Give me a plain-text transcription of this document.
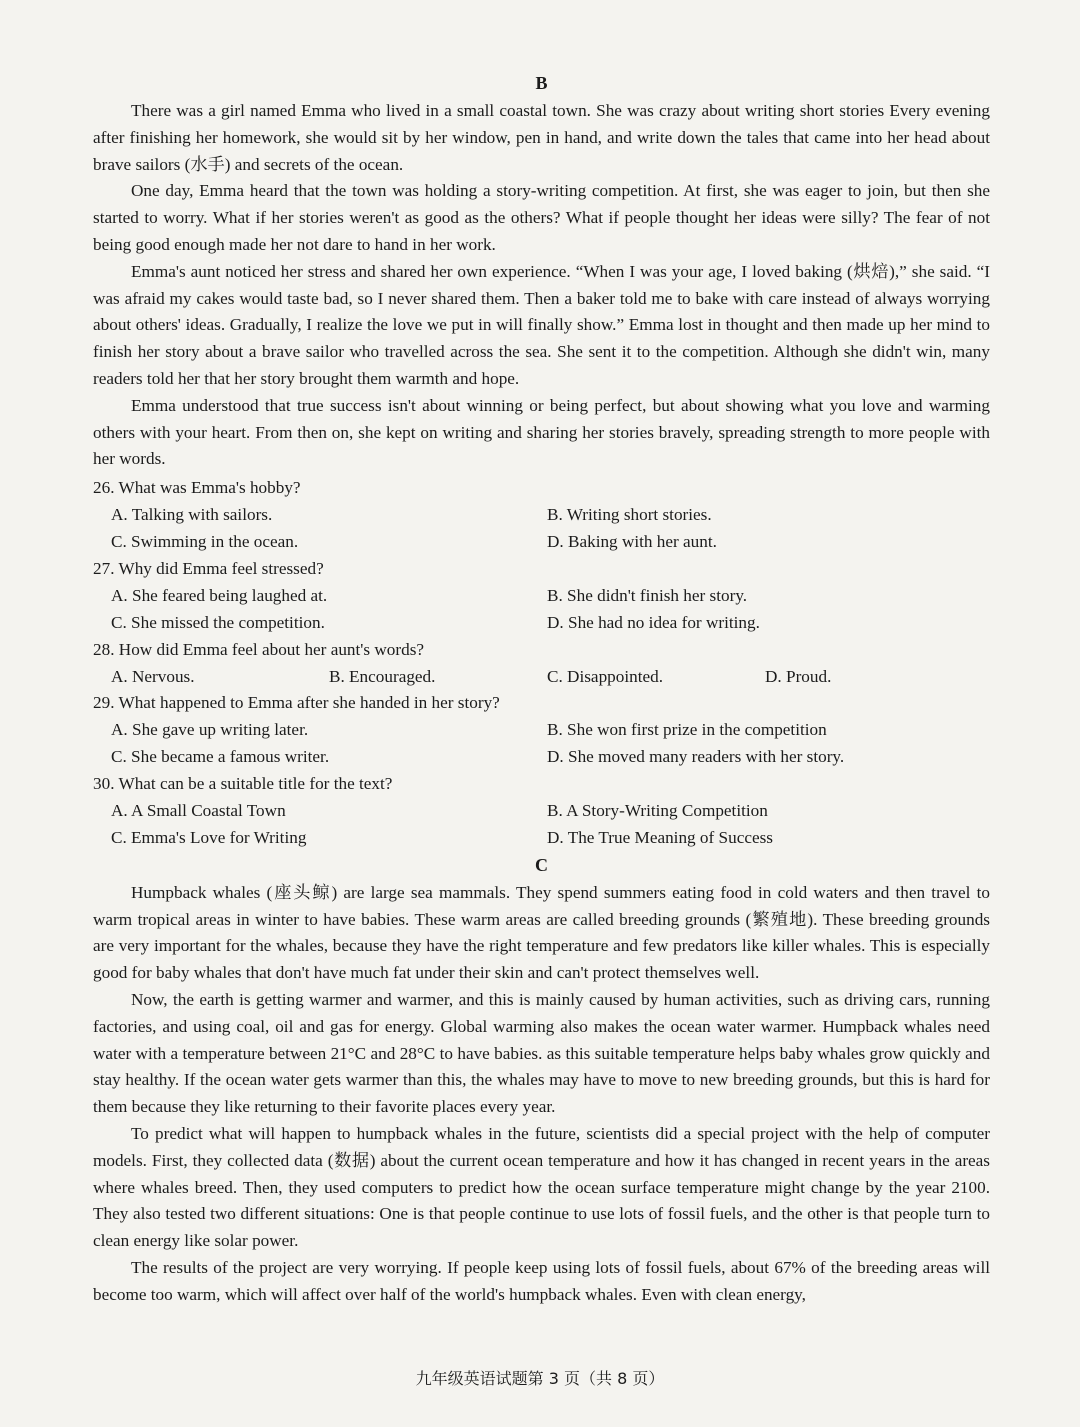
B

There was a girl named Emma who lived in a small coastal town. She was crazy about writing short stories Every evening after finishing her homework, she would sit by her window, pen in hand, and write down the tales that came into her head about brave sailors (水手) and secrets of the ocean.

One day, Emma heard that the town was holding a story-writing competition. At first, she was eager to join, but then she started to worry. What if her stories weren't as good as the others? What if people thought her ideas were silly? The fear of not being good enough made her not dare to hand in her work.

Emma's aunt noticed her stress and shared her own experience. “When I was your age, I loved baking (烘焙),” she said. “I was afraid my cakes would taste bad, so I never shared them. Then a baker told me to bake with care instead of always worrying about others' ideas. Gradually, I realize the love we put in will finally show.” Emma lost in thought and then made up her mind to finish her story about a brave sailor who travelled across the sea. She sent it to the competition. Although she didn't win, many readers told her that her story brought them warmth and hope.

Emma understood that true success isn't about winning or being perfect, but about showing what you love and warming others with your heart. From then on, she kept on writing and sharing her stories bravely, spreading strength to more people with her words.

26. What was Emma's hobby?

A. Talking with sailors.	B. Writing short stories.
C. Swimming in the ocean.	D. Baking with her aunt.

27. Why did Emma feel stressed?

A. She feared being laughed at.	B. She didn't finish her story.
C. She missed the competition.	D. She had no idea for writing.

28. How did Emma feel about her aunt's words?

A. Nervous.	B. Encouraged.	C. Disappointed.	D. Proud.

29. What happened to Emma after she handed in her story?

A. She gave up writing later.	B. She won first prize in the competition
C. She became a famous writer.	D. She moved many readers with her story.

30. What can be a suitable title for the text?

A. A Small Coastal Town	B. A Story-Writing Competition
C. Emma's Love for Writing	D. The True Meaning of Success
C

Humpback whales (座头鲸) are large sea mammals. They spend summers eating food in cold waters and then travel to warm tropical areas in winter to have babies. These warm areas are called breeding grounds (繁殖地). These breeding grounds are very important for the whales, because they have the right temperature and few predators like killer whales. This is especially good for baby whales that don't have much fat under their skin and can't protect themselves well.

Now, the earth is getting warmer and warmer, and this is mainly caused by human activities, such as driving cars, running factories, and using coal, oil and gas for energy. Global warming also makes the ocean water warmer. Humpback whales need water with a temperature between 21°C and 28°C to have babies. as this suitable temperature helps baby whales grow quickly and stay healthy. If the ocean water gets warmer than this, the whales may have to move to new breeding grounds, but this is hard for them because they like returning to their favorite places every year.

To predict what will happen to humpback whales in the future, scientists did a special project with the help of computer models. First, they collected data (数据) about the current ocean temperature and how it has changed in recent years in the areas where whales breed. Then, they used computers to predict how the ocean surface temperature might change by the year 2100. They also tested two different situations: One is that people continue to use lots of fossil fuels, and the other is that people turn to clean energy like solar power.

The results of the project are very worrying. If people keep using lots of fossil fuels, about 67% of the breeding areas will become too warm, which will affect over half of the world's humpback whales. Even with clean energy,

九年级英语试题第 3 页（共 8 页）
